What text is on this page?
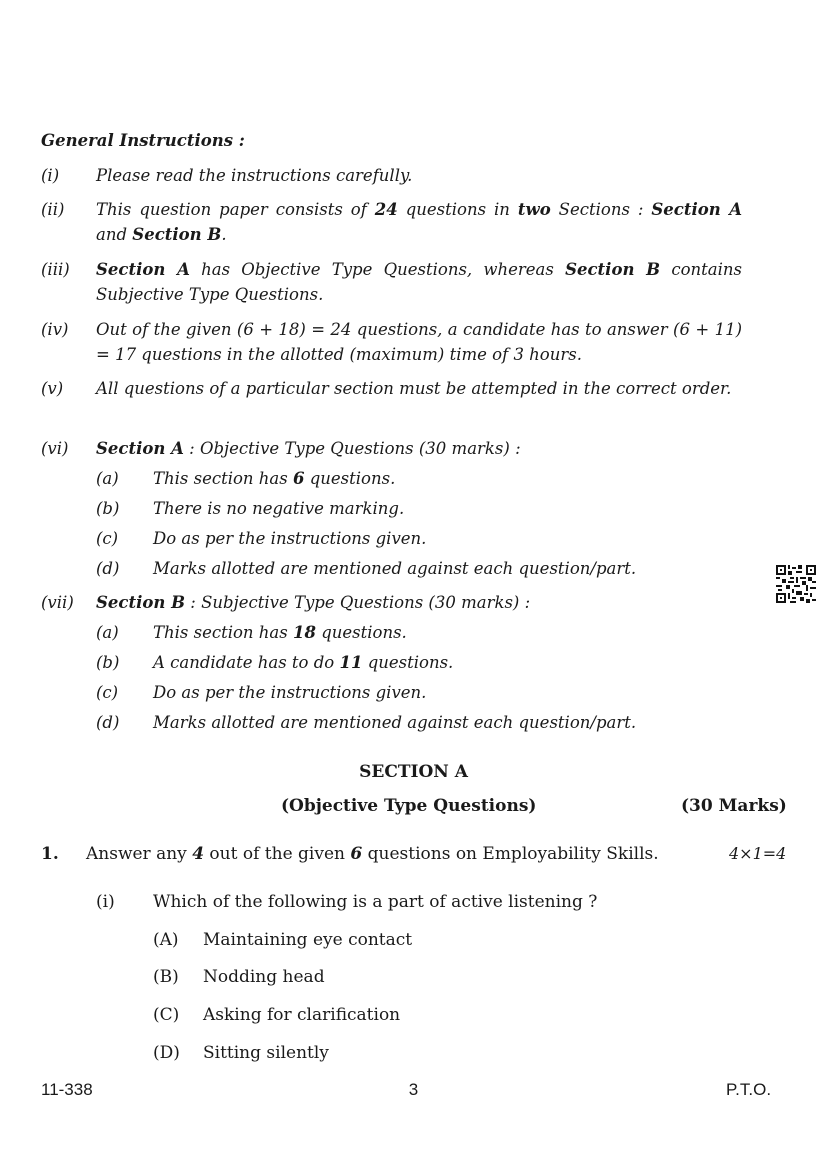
General Instructions :
(i) Please read the instructions carefully.
(ii) This question paper consists of 24 questions in two Sections : Section A and Section B.
(iii) Section A has Objective Type Questions, whereas Section B contains Subjective Type Questions.
(iv) Out of the given (6 + 18) = 24 questions, a candidate has to answer (6 + 11) = 17 questions in the allotted (maximum) time of 3 hours.
(v) All questions of a particular section must be attempted in the correct order.
(vi) Section A : Objective Type Questions (30 marks) :
(a) This section has 6 questions.
(b) There is no negative marking.
(c) Do as per the instructions given.
(d) Marks allotted are mentioned against each question/part.
(vii) Section B : Subjective Type Questions (30 marks) :
(a) This section has 18 questions.
(b) A candidate has to do 11 questions.
(c) Do as per the instructions given.
(d) Marks allotted are mentioned against each question/part.
SECTION A
(Objective Type Questions)	(30 Marks)
1. Answer any 4 out of the given 6 questions on Employability Skills.	4×1=4
(i) Which of the following is a part of active listening ?
(A) Maintaining eye contact
(B) Nodding head
(C) Asking for clarification
(D) Sitting silently
11-338	3	P.T.O.
